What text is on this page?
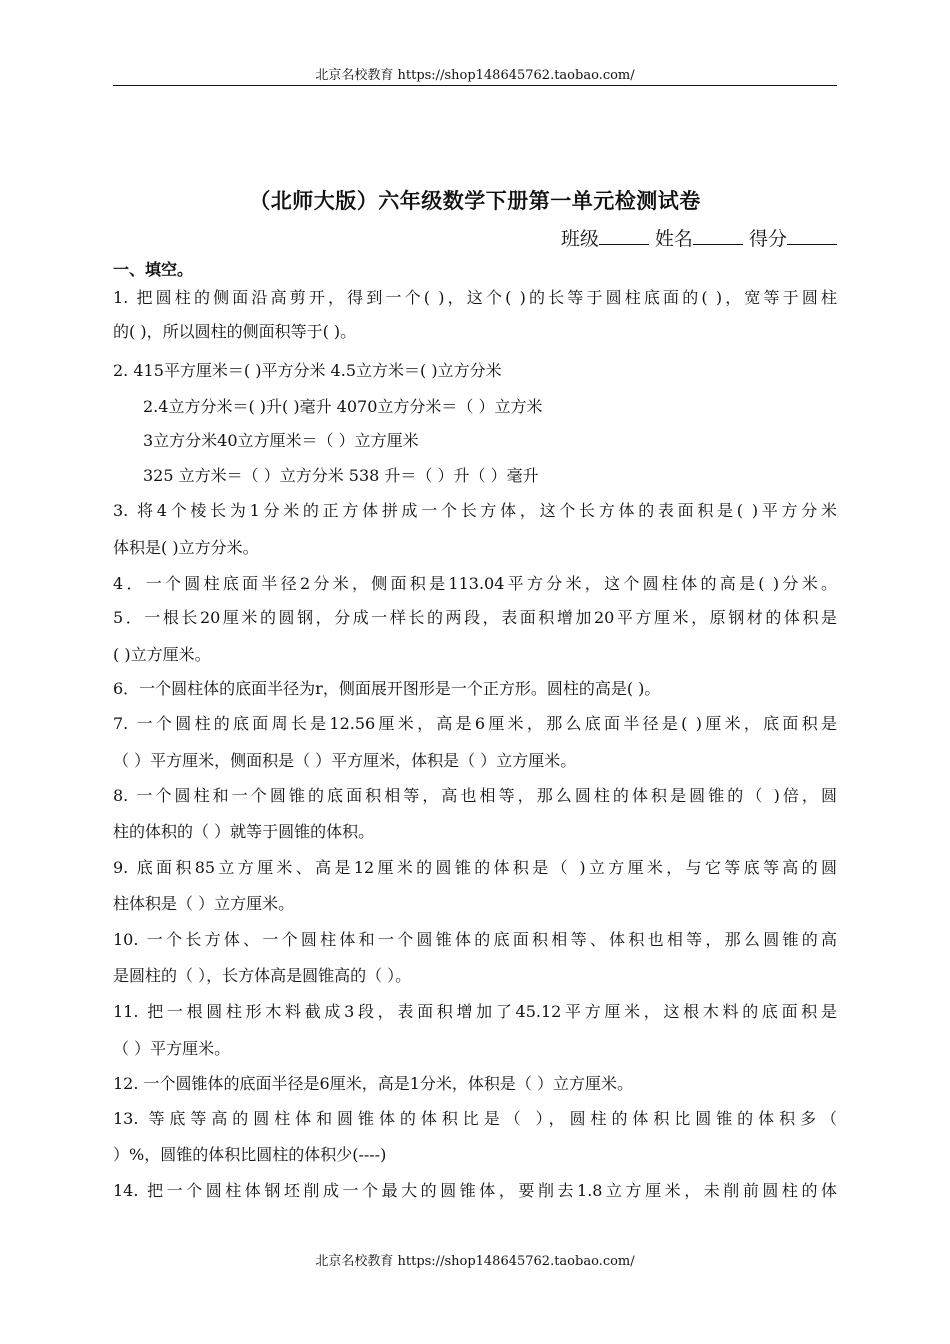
北京名校教育 https://shop148645762.taobao.com/
（北师大版）六年级数学下册第一单元检测试卷
班级	姓名	得分
一、填空。
1. 把圆柱的侧面沿高剪开，得到一个( )，这个( )的长等于圆柱底面的( )，宽等于圆柱
的( )，所以圆柱的侧面积等于( )。
2. 415平方厘米＝( )平方分米 4.5立方米＝( )立方分米
2.4立方分米＝( )升( )毫升 4070立方分米＝（ ）立方米
3立方分米40立方厘米＝（ ）立方厘米
325 立方米＝（ ）立方分米 538 升＝（ ）升（ ）毫升
3. 将4个棱长为1分米的正方体拼成一个长方体，这个长方体的表面积是( )平方分米
体积是( )立方分米。
4．一个圆柱底面半径2分米，侧面积是113.04平方分米，这个圆柱体的高是( )分米。
5．一根长20厘米的圆钢，分成一样长的两段，表面积增加20平方厘米，原钢材的体积是
( )立方厘米。
6．一个圆柱体的底面半径为r，侧面展开图形是一个正方形。圆柱的高是( )。
7. 一个圆柱的底面周长是12.56厘米，高是6厘米，那么底面半径是( )厘米，底面积是
（ ）平方厘米，侧面积是（ ）平方厘米，体积是（ ）立方厘米。
8. 一个圆柱和一个圆锥的底面积相等，高也相等，那么圆柱的体积是圆锥的（ )倍，圆
柱的体积的（ ）就等于圆锥的体积。
9. 底面积85立方厘米、高是12厘米的圆锥的体积是（ )立方厘米，与它等底等高的圆
柱体积是（ ）立方厘米。
10. 一个长方体、一个圆柱体和一个圆锥体的底面积相等、体积也相等，那么圆锥的高
是圆柱的（ ），长方体高是圆锥高的（ ）。
11. 把一根圆柱形木料截成3段，表面积增加了45.12平方厘米，这根木料的底面积是
（ ）平方厘米。
12. 一个圆锥体的底面半径是6厘米，高是1分米，体积是（ ）立方厘米。
13. 等底等高的圆柱体和圆锥体的体积比是（ ），圆柱的体积比圆锥的体积多（
）%，圆锥的体积比圆柱的体积少(----)
14. 把一个圆柱体钢坯削成一个最大的圆锥体，要削去1.8立方厘米，未削前圆柱的体
北京名校教育 https://shop148645762.taobao.com/
